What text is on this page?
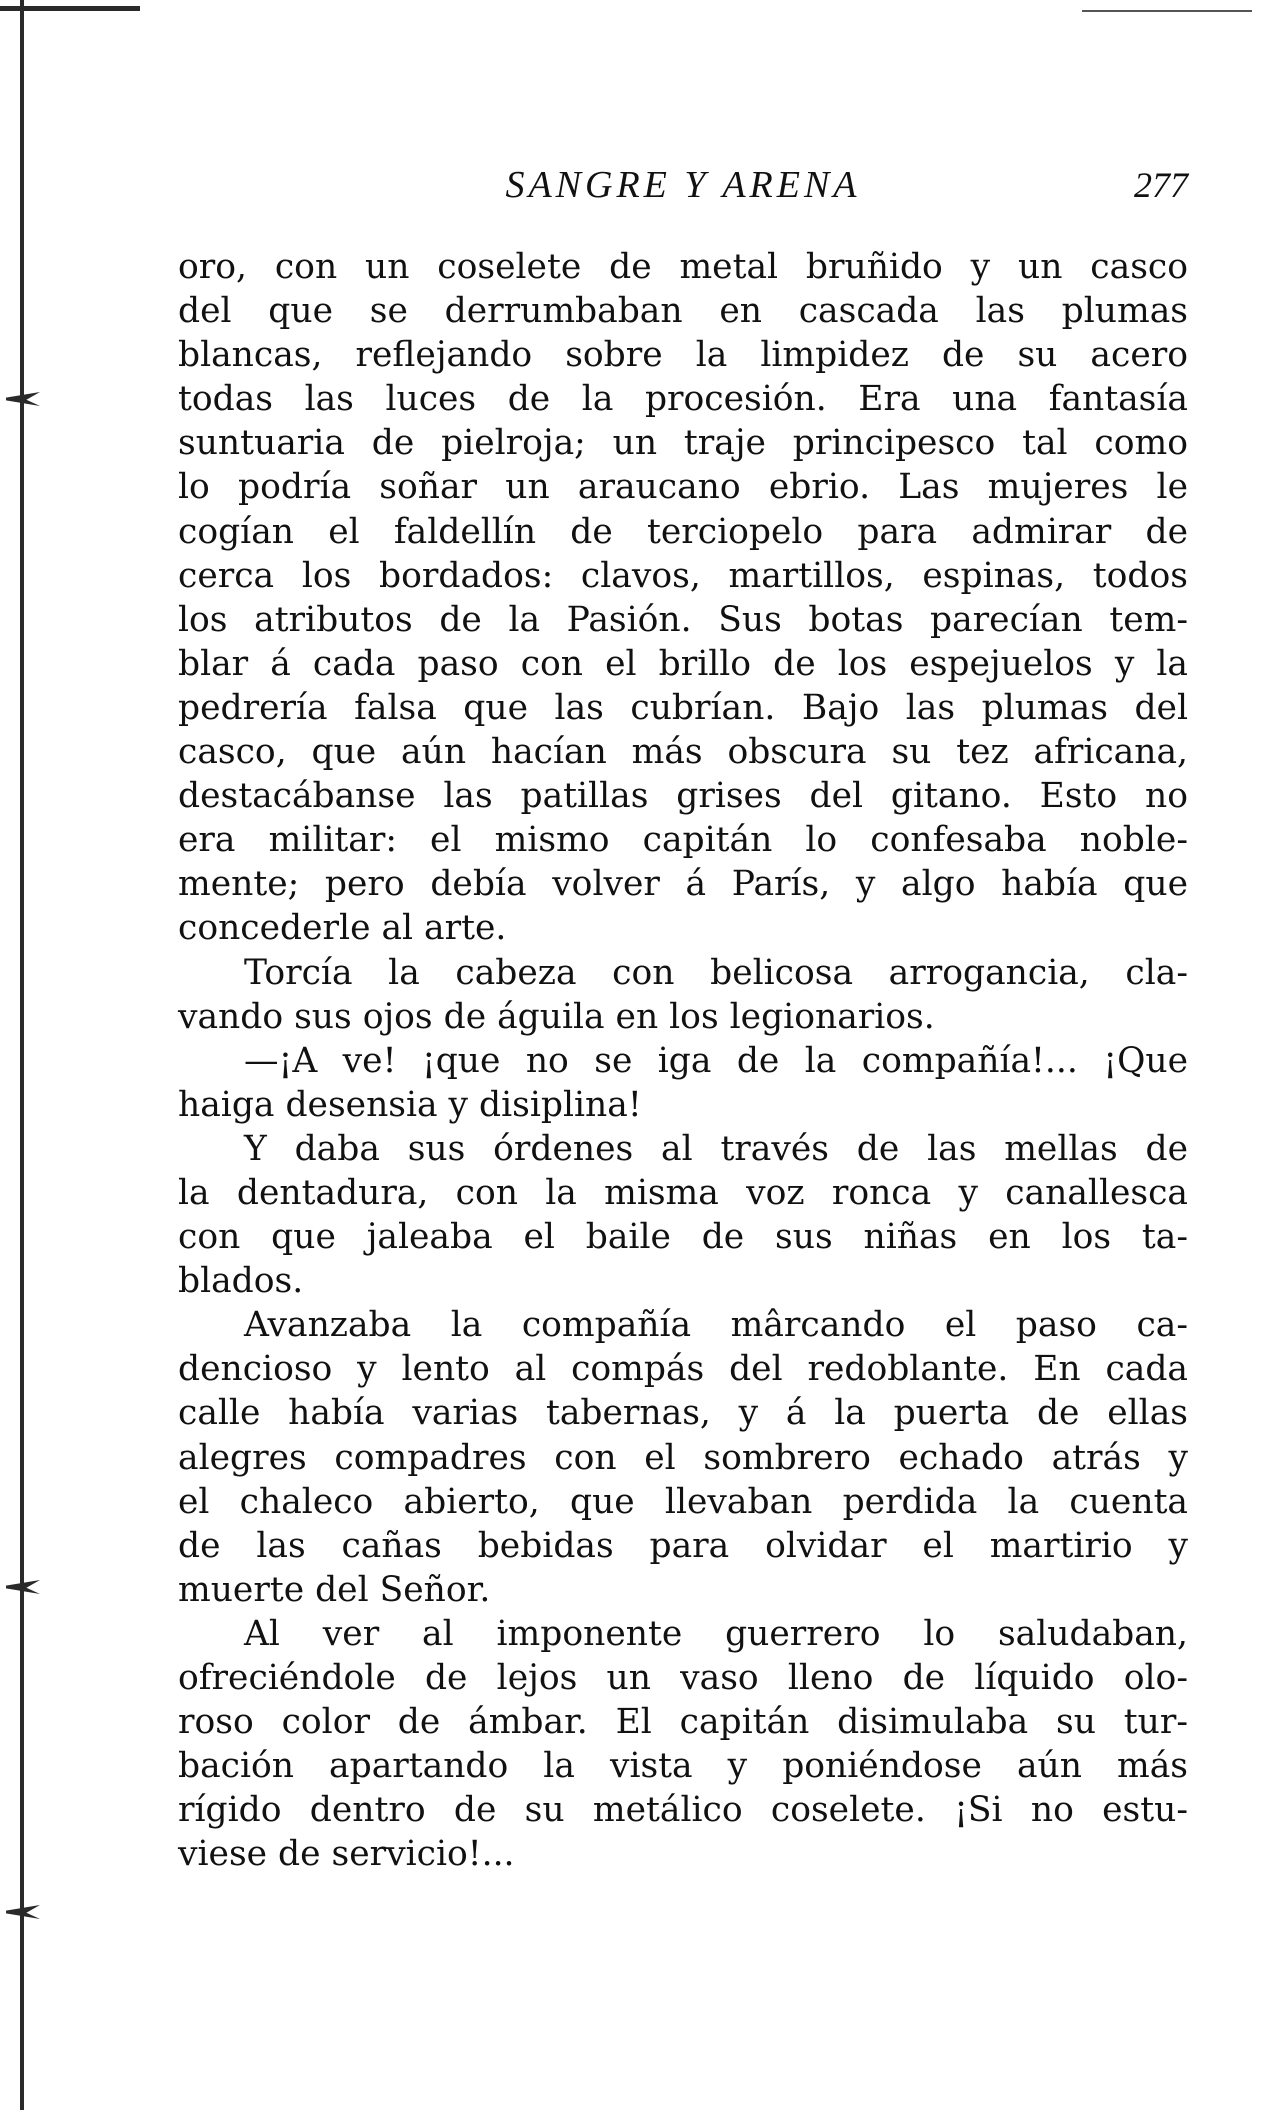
SANGRE Y ARENA	277
oro, con un coselete de metal bruñido y un casco
del que se derrumbaban en cascada las plumas
blancas, reflejando sobre la limpidez de su acero
todas las luces de la procesión. Era una fantasía
suntuaria de pielroja; un traje principesco tal como
lo podría soñar un araucano ebrio. Las mujeres le
cogían el faldellín de terciopelo para admirar de
cerca los bordados: clavos, martillos, espinas, todos
los atributos de la Pasión. Sus botas parecían tem-
blar á cada paso con el brillo de los espejuelos y la
pedrería falsa que las cubrían. Bajo las plumas del
casco, que aún hacían más obscura su tez africana,
destacábanse las patillas grises del gitano. Esto no
era militar: el mismo capitán lo confesaba noble-
mente; pero debía volver á París, y algo había que
concederle al arte.
Torcía la cabeza con belicosa arrogancia, cla-
vando sus ojos de águila en los legionarios.
—¡A ve! ¡que no se iga de la compañía!... ¡Que
haiga desensia y disiplina!
Y daba sus órdenes al través de las mellas de
la dentadura, con la misma voz ronca y canallesca
con que jaleaba el baile de sus niñas en los ta-
blados.
Avanzaba la compañía mârcando el paso ca-
dencioso y lento al compás del redoblante. En cada
calle había varias tabernas, y á la puerta de ellas
alegres compadres con el sombrero echado atrás y
el chaleco abierto, que llevaban perdida la cuenta
de las cañas bebidas para olvidar el martirio y
muerte del Señor.
Al ver al imponente guerrero lo saludaban,
ofreciéndole de lejos un vaso lleno de líquido olo-
roso color de ámbar. El capitán disimulaba su tur-
bación apartando la vista y poniéndose aún más
rígido dentro de su metálico coselete. ¡Si no estu-
viese de servicio!...
